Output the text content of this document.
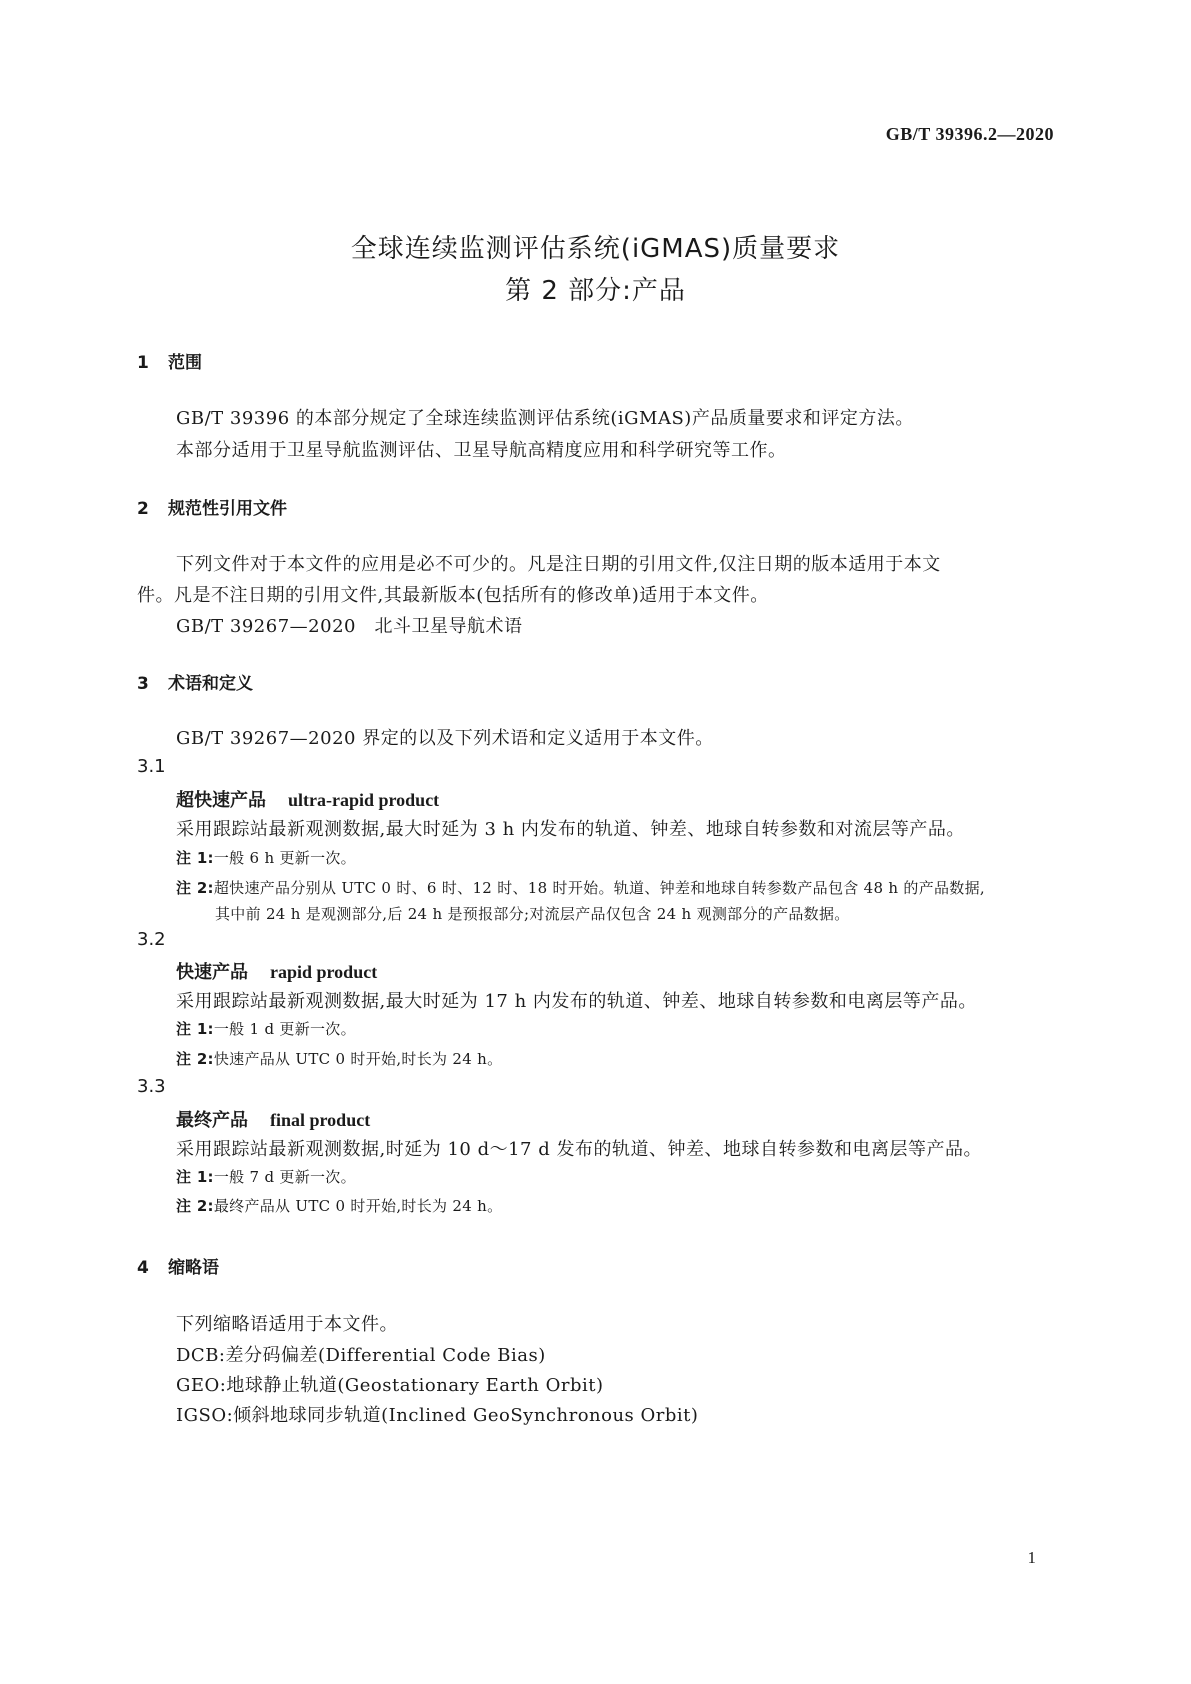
GB/T 39396.2—2020
全球连续监测评估系统(iGMAS)质量要求
第 2 部分:产品
1 范围
GB/T 39396 的本部分规定了全球连续监测评估系统(iGMAS)产品质量要求和评定方法。
本部分适用于卫星导航监测评估、卫星导航高精度应用和科学研究等工作。
2 规范性引用文件
下列文件对于本文件的应用是必不可少的。凡是注日期的引用文件,仅注日期的版本适用于本文
件。凡是不注日期的引用文件,其最新版本(包括所有的修改单)适用于本文件。
GB/T 39267—2020　北斗卫星导航术语
3 术语和定义
GB/T 39267—2020 界定的以及下列术语和定义适用于本文件。
3.1
超快速产品 ultra-rapid product
采用跟踪站最新观测数据,最大时延为 3 h 内发布的轨道、钟差、地球自转参数和对流层等产品。
注 1:一般 6 h 更新一次。
注 2:超快速产品分别从 UTC 0 时、6 时、12 时、18 时开始。轨道、钟差和地球自转参数产品包含 48 h 的产品数据,
其中前 24 h 是观测部分,后 24 h 是预报部分;对流层产品仅包含 24 h 观测部分的产品数据。
3.2
快速产品 rapid product
采用跟踪站最新观测数据,最大时延为 17 h 内发布的轨道、钟差、地球自转参数和电离层等产品。
注 1:一般 1 d 更新一次。
注 2:快速产品从 UTC 0 时开始,时长为 24 h。
3.3
最终产品 final product
采用跟踪站最新观测数据,时延为 10 d～17 d 发布的轨道、钟差、地球自转参数和电离层等产品。
注 1:一般 7 d 更新一次。
注 2:最终产品从 UTC 0 时开始,时长为 24 h。
4 缩略语
下列缩略语适用于本文件。
DCB:差分码偏差(Differential Code Bias)
GEO:地球静止轨道(Geostationary Earth Orbit)
IGSO:倾斜地球同步轨道(Inclined GeoSynchronous Orbit)
1
